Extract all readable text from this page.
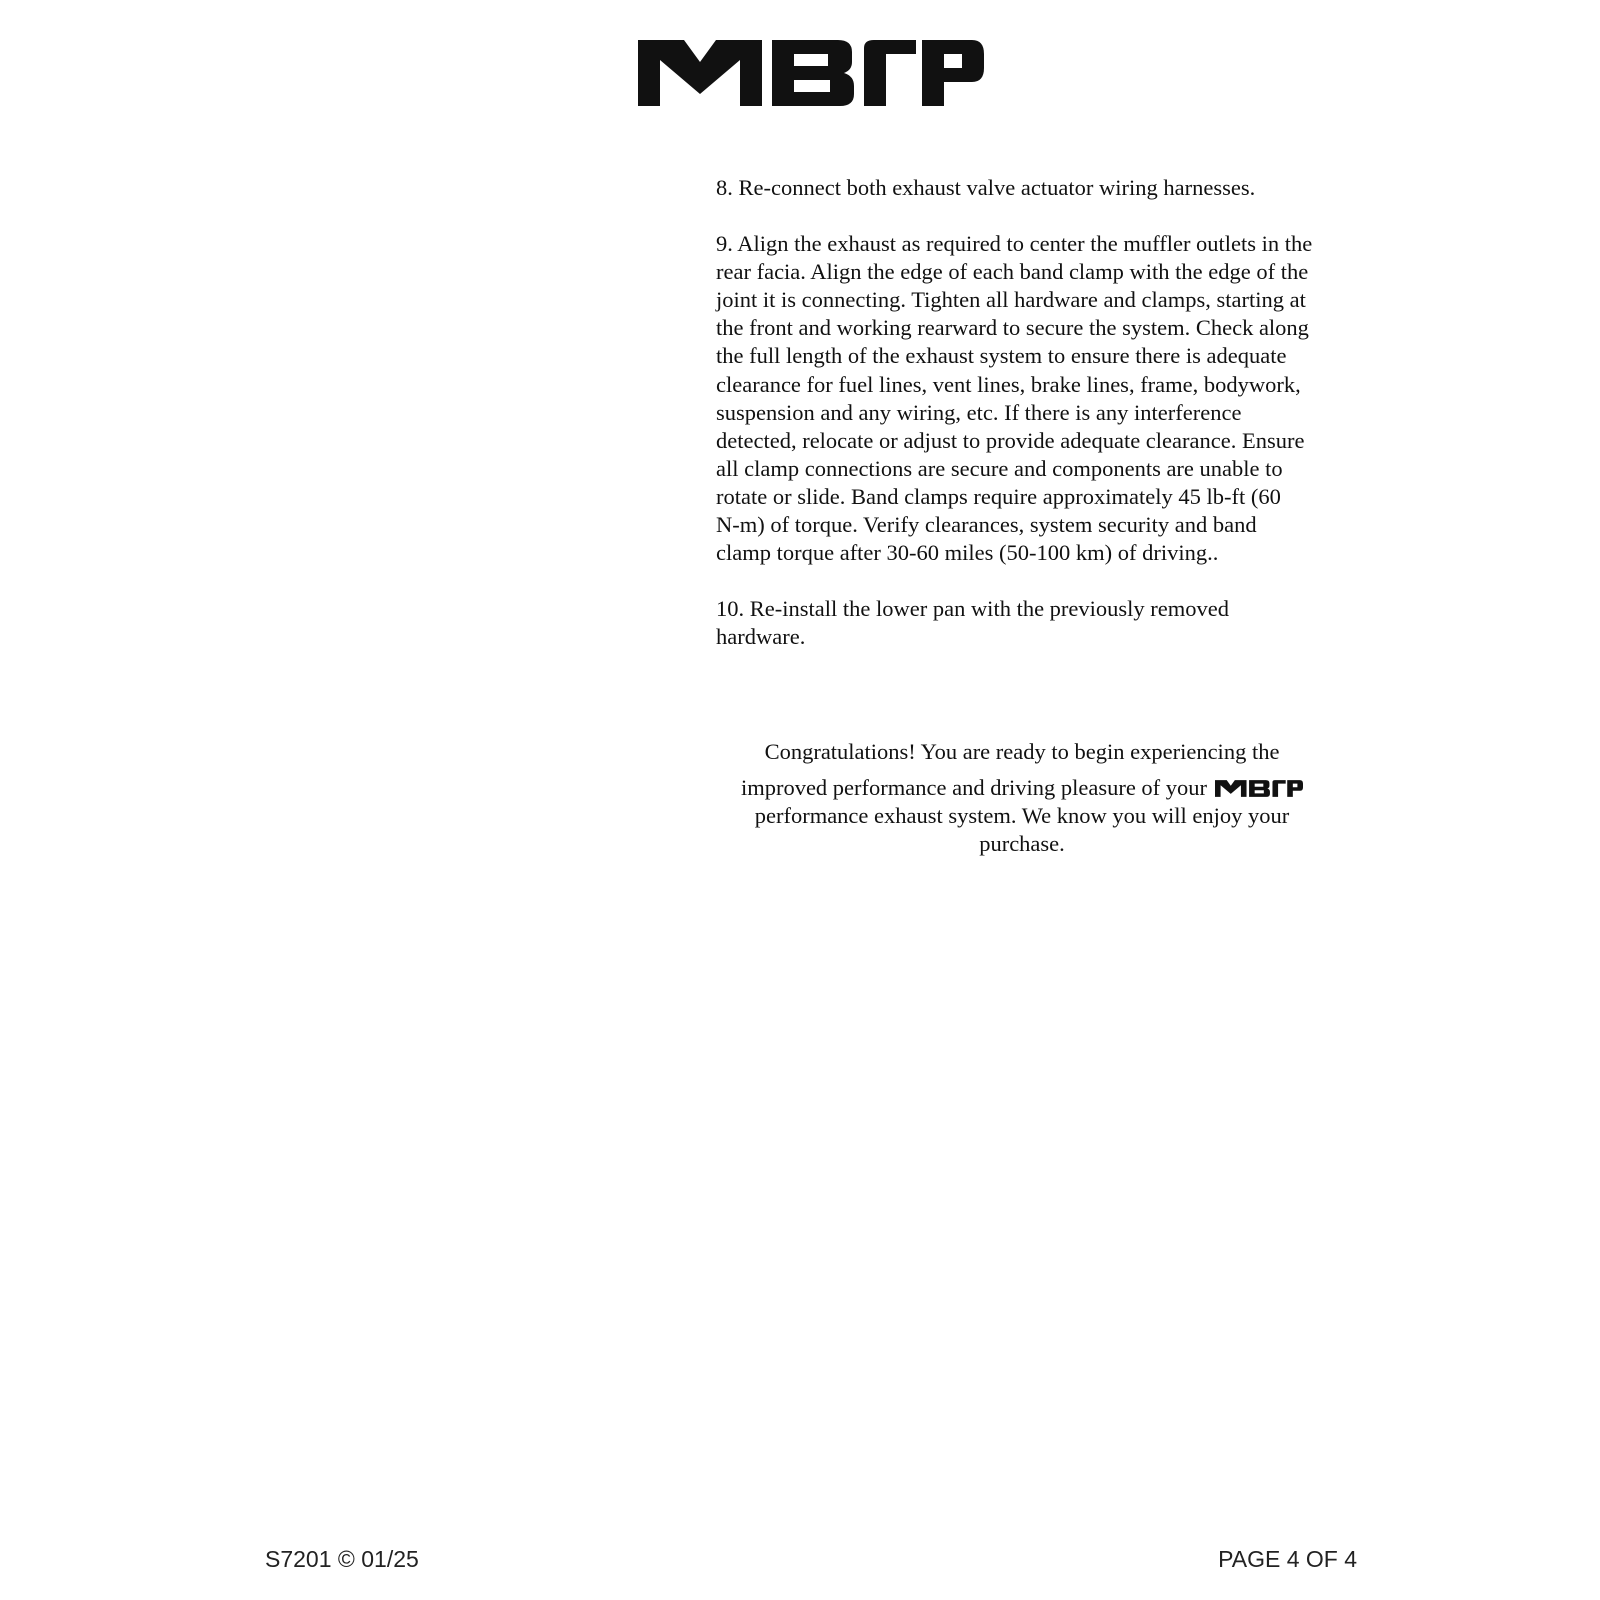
8. Re-connect both exhaust valve actuator wiring harnesses.

9. Align the exhaust as required to center the muffler outlets in the
rear facia. Align the edge of each band clamp with the edge of the
joint it is connecting. Tighten all hardware and clamps, starting at
the front and working rearward to secure the system. Check along
the full length of the exhaust system to ensure there is adequate
clearance for fuel lines, vent lines, brake lines, frame, bodywork,
suspension and any wiring, etc. If there is any interference
detected, relocate or adjust to provide adequate clearance. Ensure
all clamp connections are secure and components are unable to
rotate or slide. Band clamps require approximately 45 lb-ft (60
N-m) of torque. Verify clearances, system security and band
clamp torque after 30-60 miles (50-100 km) of driving..

10. Re-install the lower pan with the previously removed
hardware.

Congratulations! You are ready to begin experiencing the
improved performance and driving pleasure of your
performance exhaust system. We know you will enjoy your
purchase.
S7201 © 01/25	PAGE 4 OF 4
